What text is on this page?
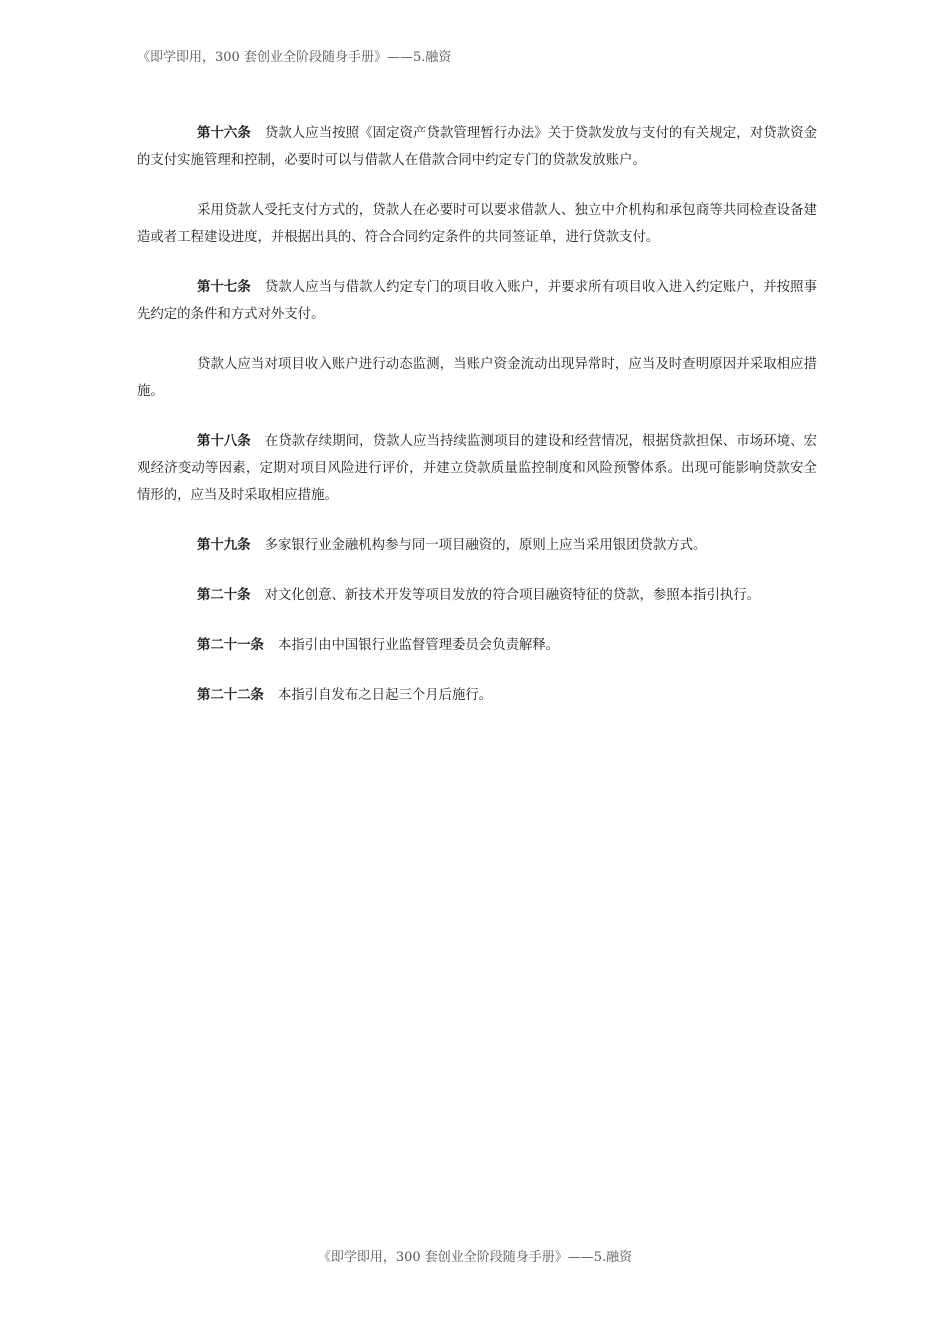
《即学即用，300 套创业全阶段随身手册》——5.融资

第十六条 贷款人应当按照《固定资产贷款管理暂行办法》关于贷款发放与支付的有关规定，对贷款资金的支付实施管理和控制，必要时可以与借款人在借款合同中约定专门的贷款发放账户。

采用贷款人受托支付方式的，贷款人在必要时可以要求借款人、独立中介机构和承包商等共同检查设备建造或者工程建设进度，并根据出具的、符合合同约定条件的共同签证单，进行贷款支付。

第十七条 贷款人应当与借款人约定专门的项目收入账户，并要求所有项目收入进入约定账户，并按照事先约定的条件和方式对外支付。

贷款人应当对项目收入账户进行动态监测，当账户资金流动出现异常时，应当及时查明原因并采取相应措施。

第十八条 在贷款存续期间，贷款人应当持续监测项目的建设和经营情况，根据贷款担保、市场环境、宏观经济变动等因素，定期对项目风险进行评价，并建立贷款质量监控制度和风险预警体系。出现可能影响贷款安全情形的，应当及时采取相应措施。

第十九条 多家银行业金融机构参与同一项目融资的，原则上应当采用银团贷款方式。

第二十条 对文化创意、新技术开发等项目发放的符合项目融资特征的贷款，参照本指引执行。

第二十一条 本指引由中国银行业监督管理委员会负责解释。

第二十二条 本指引自发布之日起三个月后施行。

《即学即用，300 套创业全阶段随身手册》——5.融资
